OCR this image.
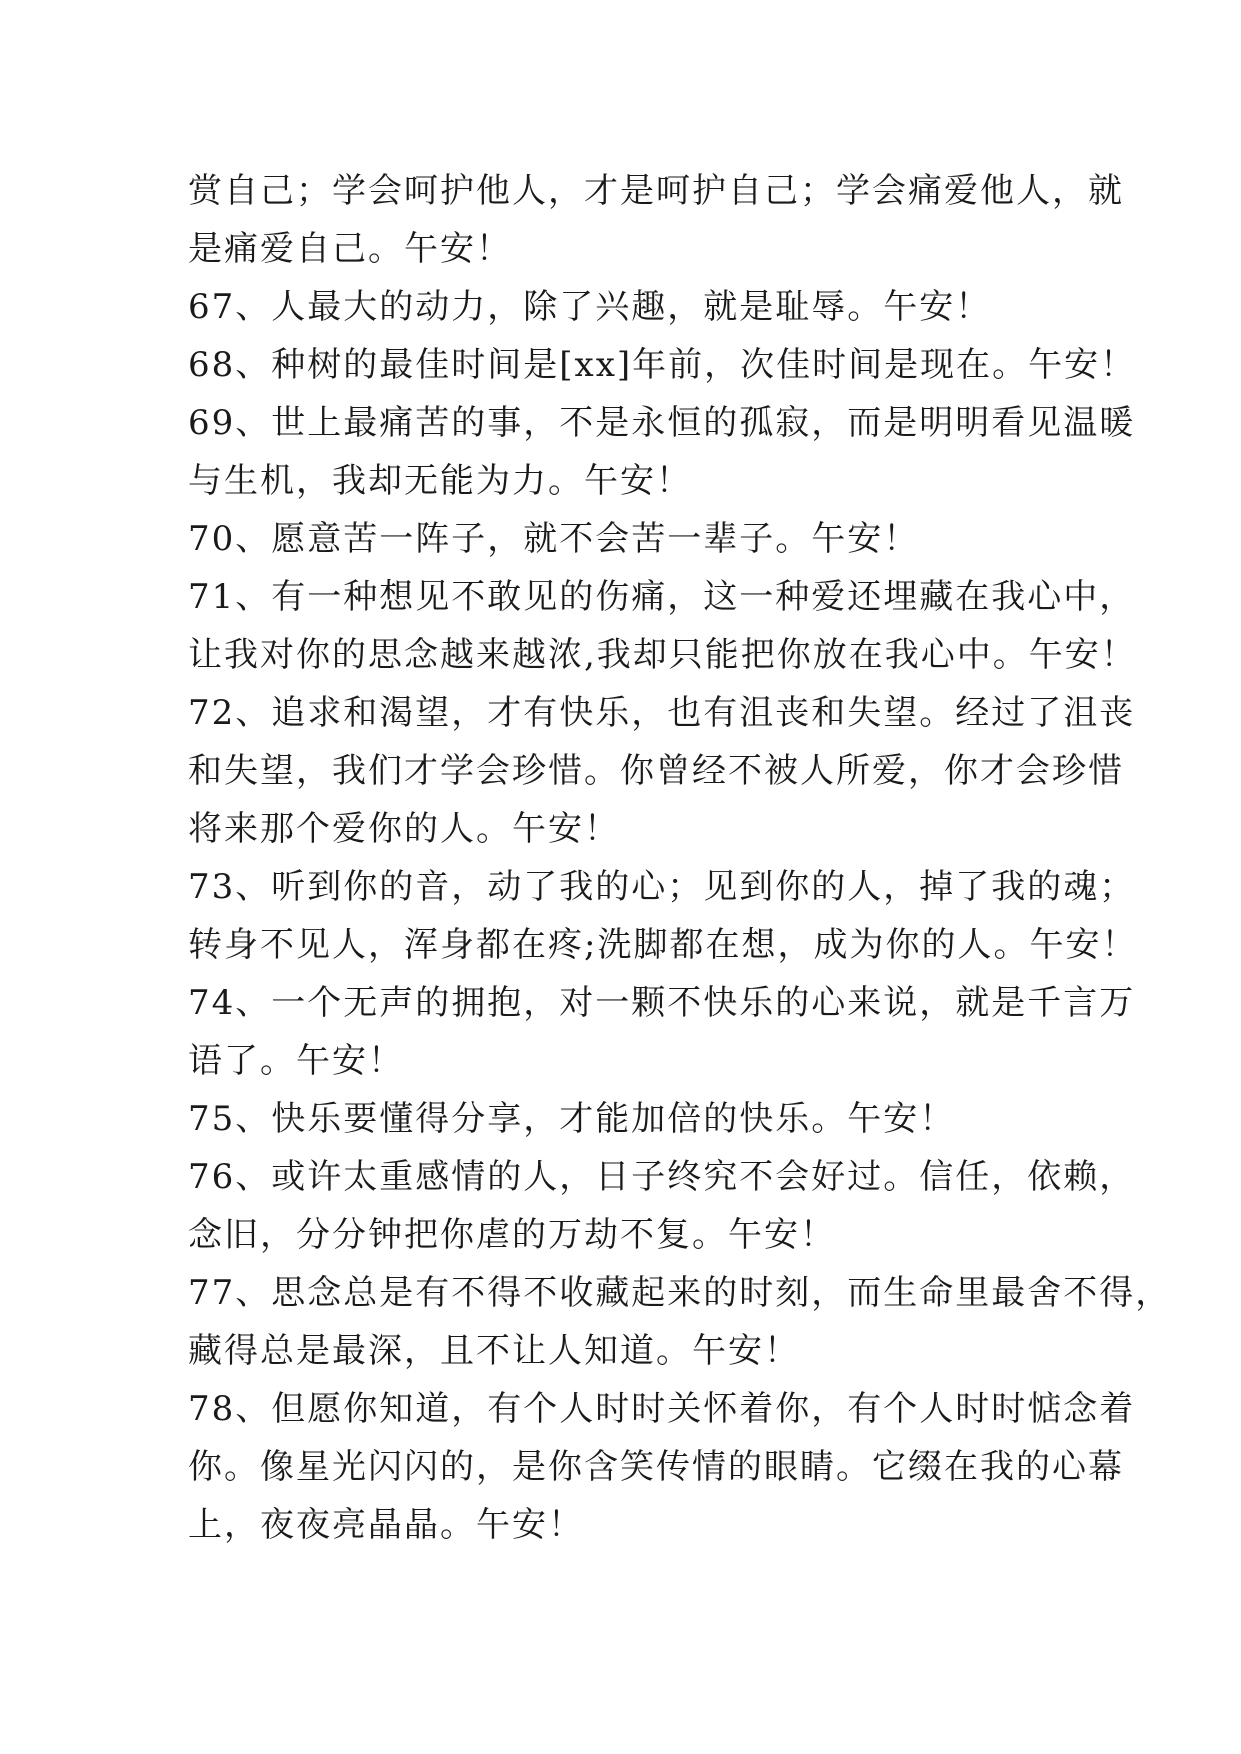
赏自己；学会呵护他人，才是呵护自己；学会痛爱他人，就
是痛爱自己。午安！
67、人最大的动力，除了兴趣，就是耻辱。午安！
68、种树的最佳时间是[xx]年前，次佳时间是现在。午安！
69、世上最痛苦的事，不是永恒的孤寂，而是明明看见温暖
与生机，我却无能为力。午安！
70、愿意苦一阵子，就不会苦一辈子。午安！
71、有一种想见不敢见的伤痛，这一种爱还埋藏在我心中，
让我对你的思念越来越浓,我却只能把你放在我心中。午安！
72、追求和渴望，才有快乐，也有沮丧和失望。经过了沮丧
和失望，我们才学会珍惜。你曾经不被人所爱，你才会珍惜
将来那个爱你的人。午安！
73、听到你的音，动了我的心；见到你的人，掉了我的魂；
转身不见人，浑身都在疼;洗脚都在想，成为你的人。午安！
74、一个无声的拥抱，对一颗不快乐的心来说，就是千言万
语了。午安！
75、快乐要懂得分享，才能加倍的快乐。午安！
76、或许太重感情的人，日子终究不会好过。信任，依赖，
念旧，分分钟把你虐的万劫不复。午安！
77、思念总是有不得不收藏起来的时刻，而生命里最舍不得，
藏得总是最深，且不让人知道。午安！
78、但愿你知道，有个人时时关怀着你，有个人时时惦念着
你。像星光闪闪的，是你含笑传情的眼睛。它缀在我的心幕
上，夜夜亮晶晶。午安！
